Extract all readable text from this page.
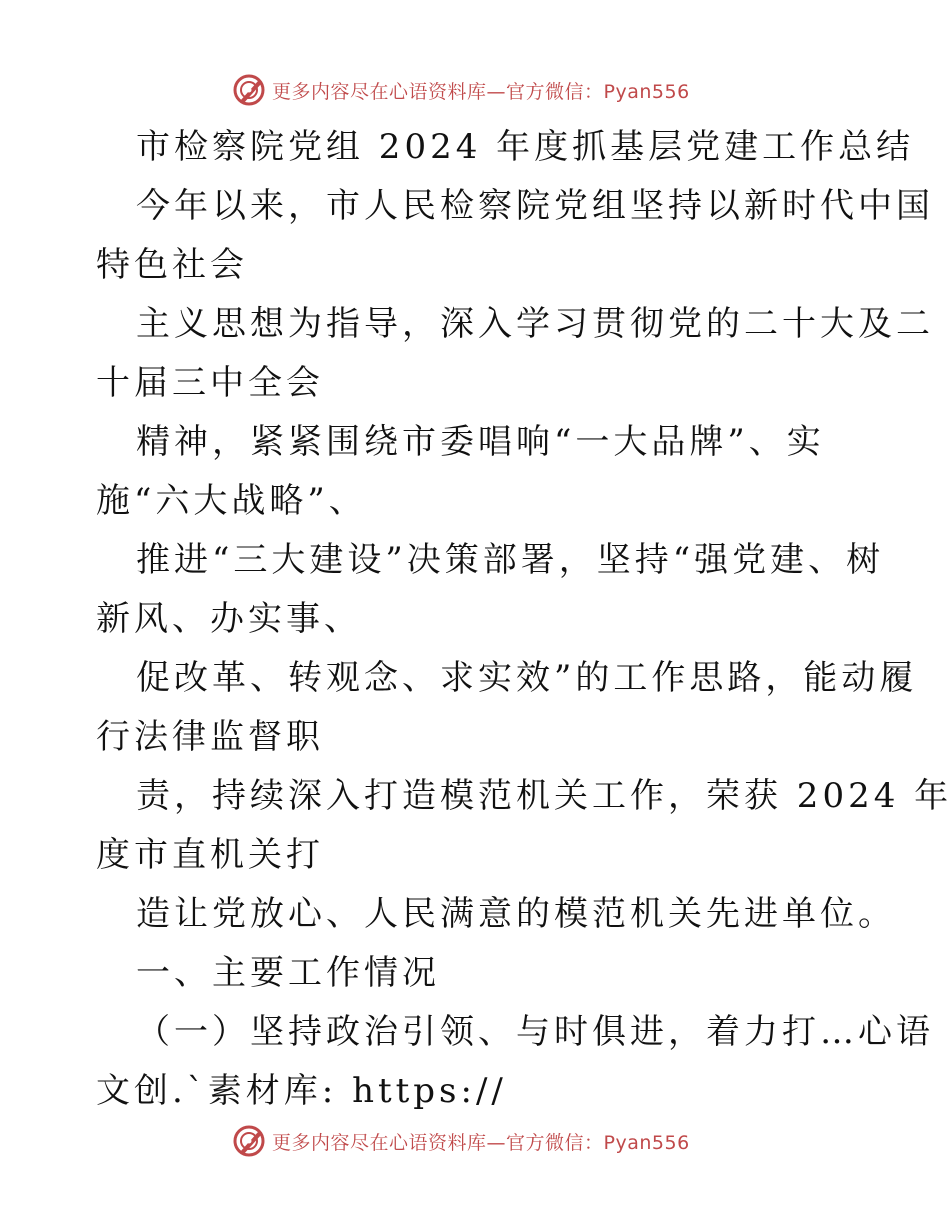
更多内容尽在心语资料库—官方微信：Pyan556
市检察院党组 2024 年度抓基层党建工作总结
今年以来，市人民检察院党组坚持以新时代中国
特色社会
主义思想为指导，深入学习贯彻党的二十大及二
十届三中全会
精神，紧紧围绕市委唱响“一大品牌”、实
施“六大战略”、
推进“三大建设”决策部署，坚持“强党建、树
新风、办实事、
促改革、转观念、求实效”的工作思路，能动履
行法律监督职
责，持续深入打造模范机关工作，荣获 2024 年
度市直机关打
造让党放心、人民满意的模范机关先进单位。
一、主要工作情况
（一）坚持政治引领、与时俱进，着力打…心语
文创.`素材库: https://
更多内容尽在心语资料库—官方微信：Pyan556
